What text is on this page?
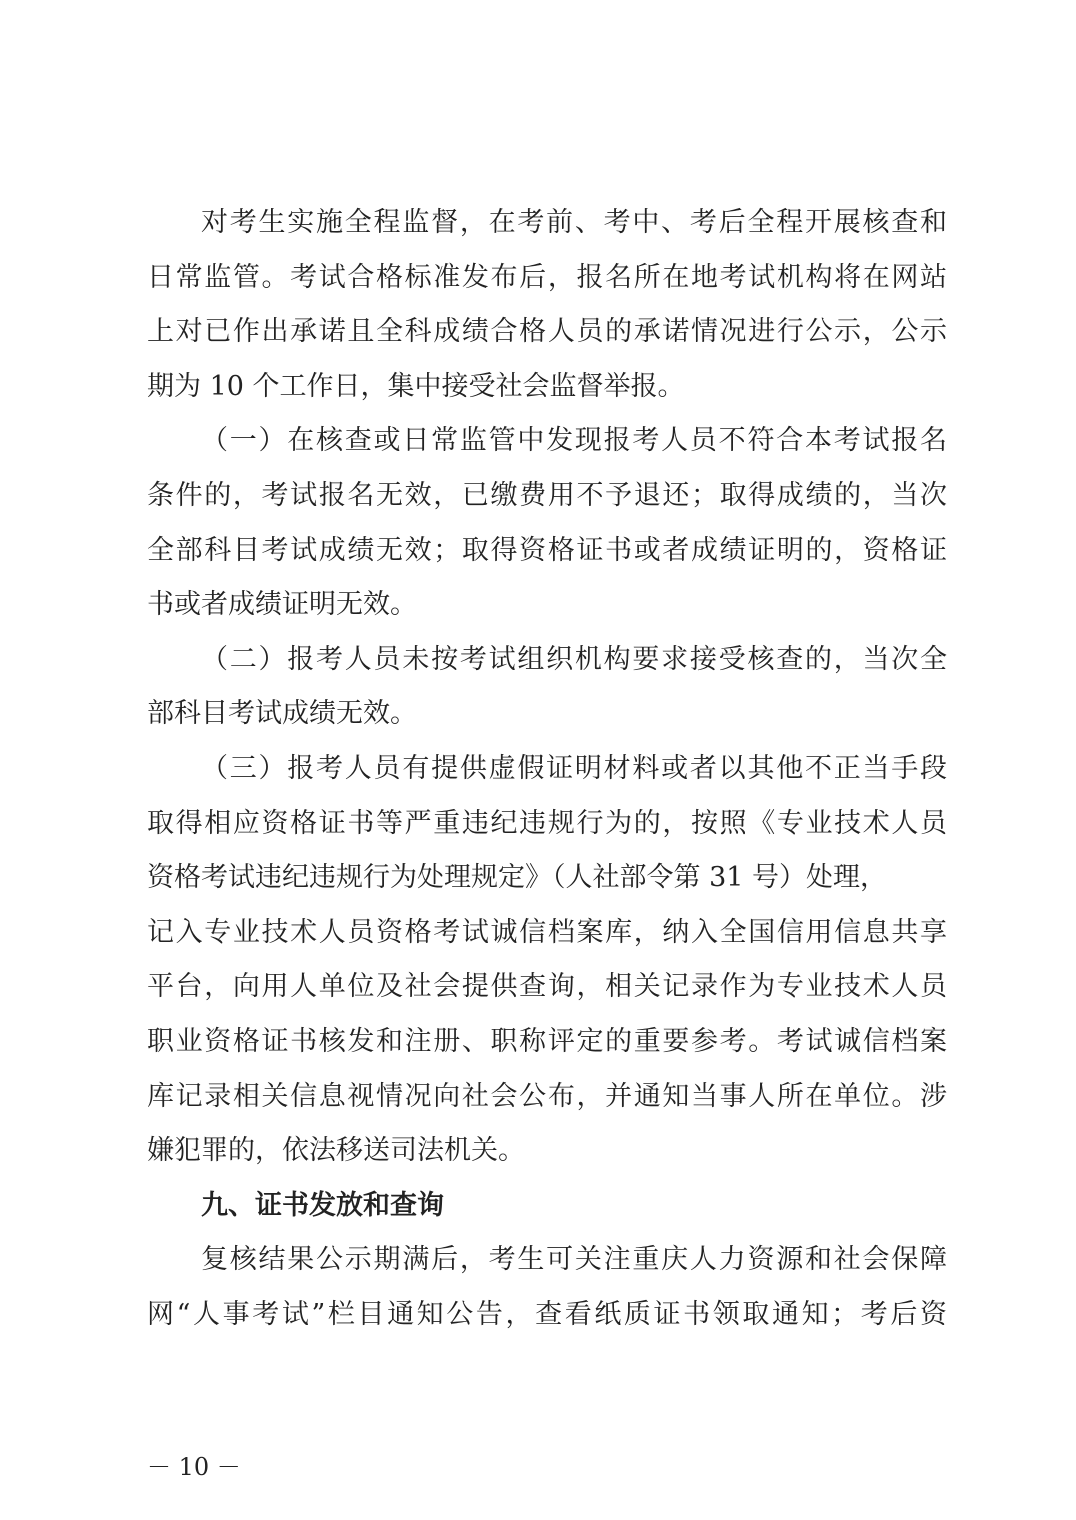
对考生实施全程监督，在考前、考中、考后全程开展核查和
日常监管。考试合格标准发布后，报名所在地考试机构将在网站
上对已作出承诺且全科成绩合格人员的承诺情况进行公示，公示
期为 10 个工作日，集中接受社会监督举报。
（一）在核查或日常监管中发现报考人员不符合本考试报名
条件的，考试报名无效，已缴费用不予退还；取得成绩的，当次
全部科目考试成绩无效；取得资格证书或者成绩证明的，资格证
书或者成绩证明无效。
（二）报考人员未按考试组织机构要求接受核查的，当次全
部科目考试成绩无效。
（三）报考人员有提供虚假证明材料或者以其他不正当手段
取得相应资格证书等严重违纪违规行为的，按照《专业技术人员
资格考试违纪违规行为处理规定》（人社部令第 31 号）处理，
记入专业技术人员资格考试诚信档案库，纳入全国信用信息共享
平台，向用人单位及社会提供查询，相关记录作为专业技术人员
职业资格证书核发和注册、职称评定的重要参考。考试诚信档案
库记录相关信息视情况向社会公布，并通知当事人所在单位。涉
嫌犯罪的，依法移送司法机关。
九、证书发放和查询
复核结果公示期满后，考生可关注重庆人力资源和社会保障
网“人事考试”栏目通知公告，查看纸质证书领取通知；考后资
－ 10 －
